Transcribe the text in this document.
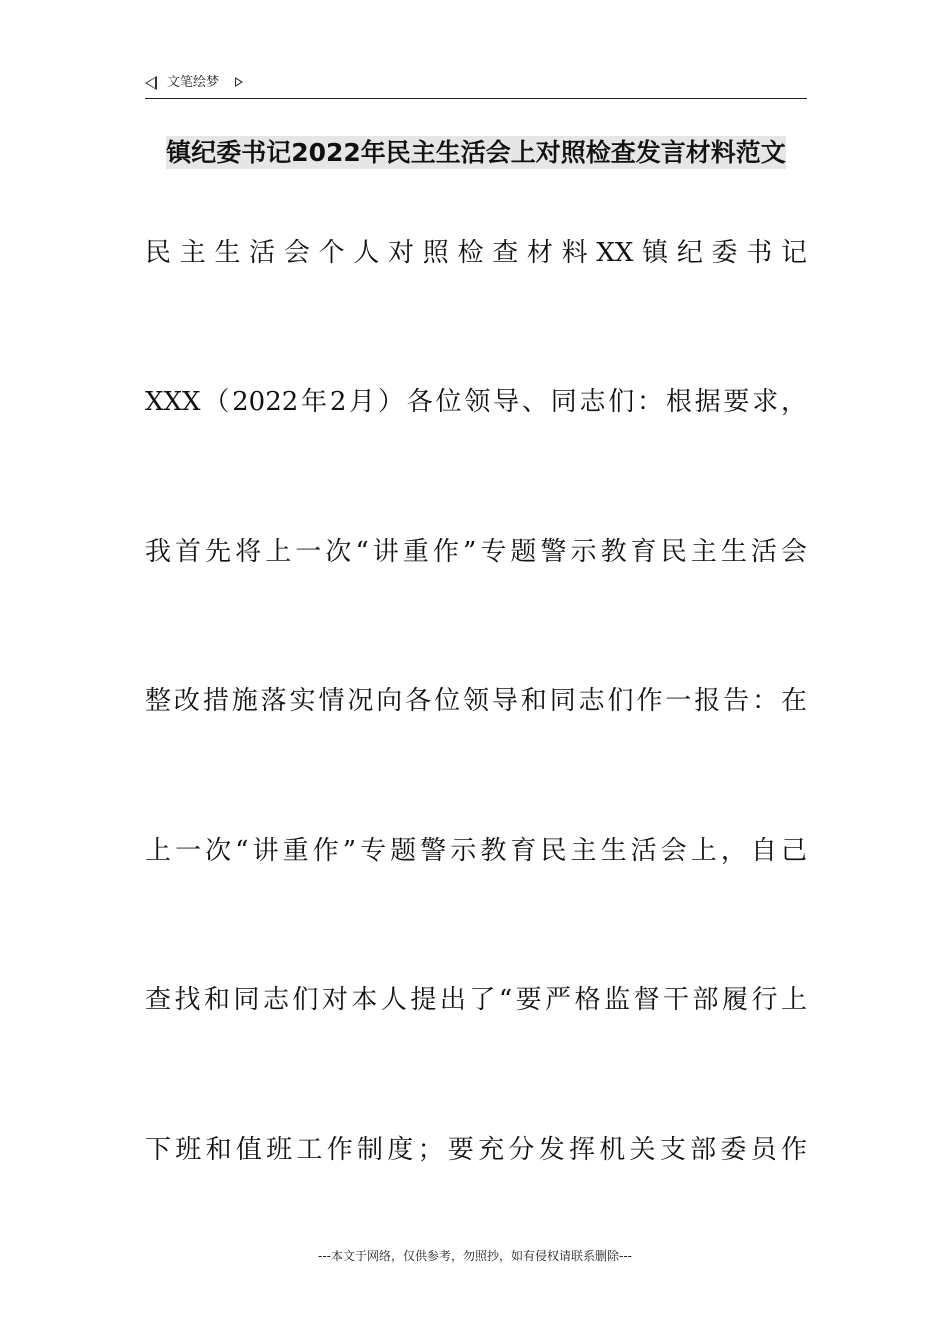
文笔绘梦
镇纪委书记2022年民主生活会上对照检查发言材料范文
民主生活会个人对照检查材料XX镇纪委书记
XXX（2022年2月）各位领导、同志们：根据要求，
我首先将上一次“讲重作”专题警示教育民主生活会
整改措施落实情况向各位领导和同志们作一报告：在
上一次“讲重作”专题警示教育民主生活会上，自己
查找和同志们对本人提出了“要严格监督干部履行上
下班和值班工作制度；要充分发挥机关支部委员作
---本文于网络，仅供参考，勿照抄，如有侵权请联系删除---
